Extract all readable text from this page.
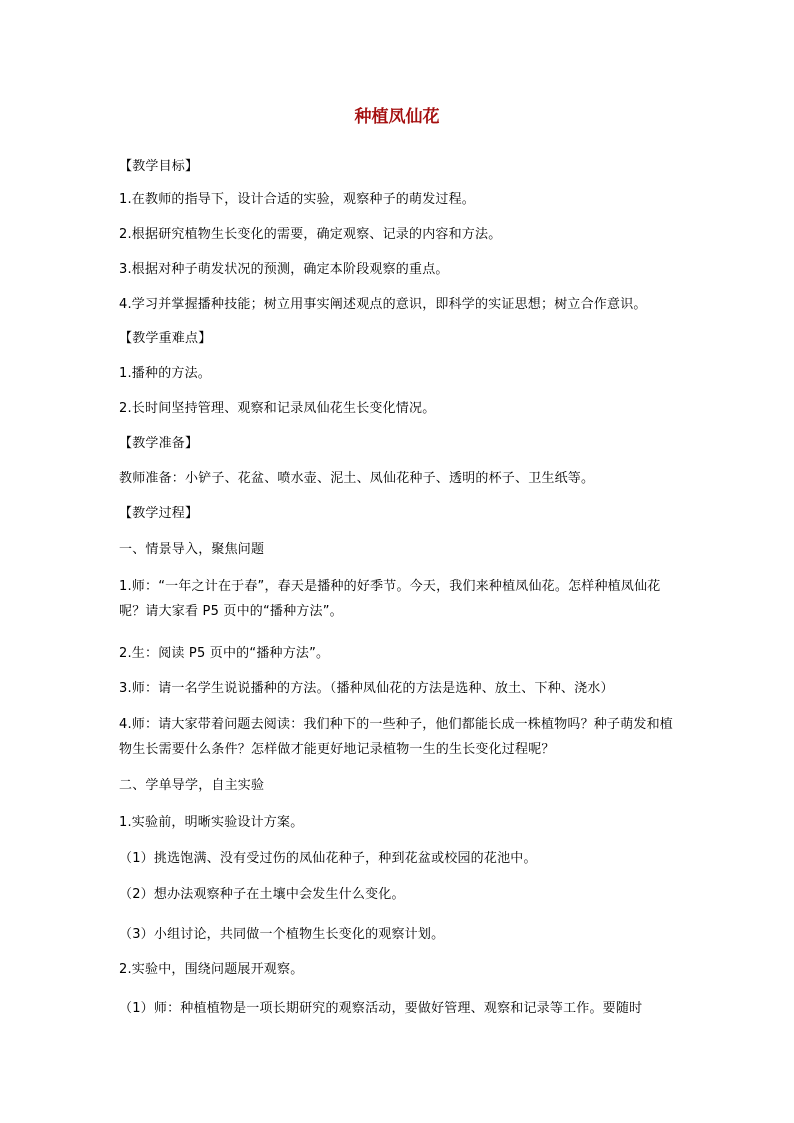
种植凤仙花
【教学目标】
1.在教师的指导下，设计合适的实验，观察种子的萌发过程。
2.根据研究植物生长变化的需要，确定观察、记录的内容和方法。
3.根据对种子萌发状况的预测，确定本阶段观察的重点。
4.学习并掌握播种技能；树立用事实阐述观点的意识，即科学的实证思想；树立合作意识。
【教学重难点】
1.播种的方法。
2.长时间坚持管理、观察和记录凤仙花生长变化情况。
【教学准备】
教师准备：小铲子、花盆、喷水壶、泥土、凤仙花种子、透明的杯子、卫生纸等。
【教学过程】
一、情景导入，聚焦问题
1.师：“一年之计在于春”，春天是播种的好季节。今天，我们来种植凤仙花。怎样种植凤仙花呢？请大家看 P5 页中的“播种方法”。
2.生：阅读 P5 页中的“播种方法”。
3.师：请一名学生说说播种的方法。（播种凤仙花的方法是选种、放土、下种、浇水）
4.师：请大家带着问题去阅读：我们种下的一些种子，他们都能长成一株植物吗？种子萌发和植物生长需要什么条件？怎样做才能更好地记录植物一生的生长变化过程呢？
二、学单导学，自主实验
1.实验前，明晰实验设计方案。
（1）挑选饱满、没有受过伤的凤仙花种子，种到花盆或校园的花池中。
（2）想办法观察种子在土壤中会发生什么变化。
（3）小组讨论，共同做一个植物生长变化的观察计划。
2.实验中，围绕问题展开观察。
（1）师：种植植物是一项长期研究的观察活动，要做好管理、观察和记录等工作。要随时
